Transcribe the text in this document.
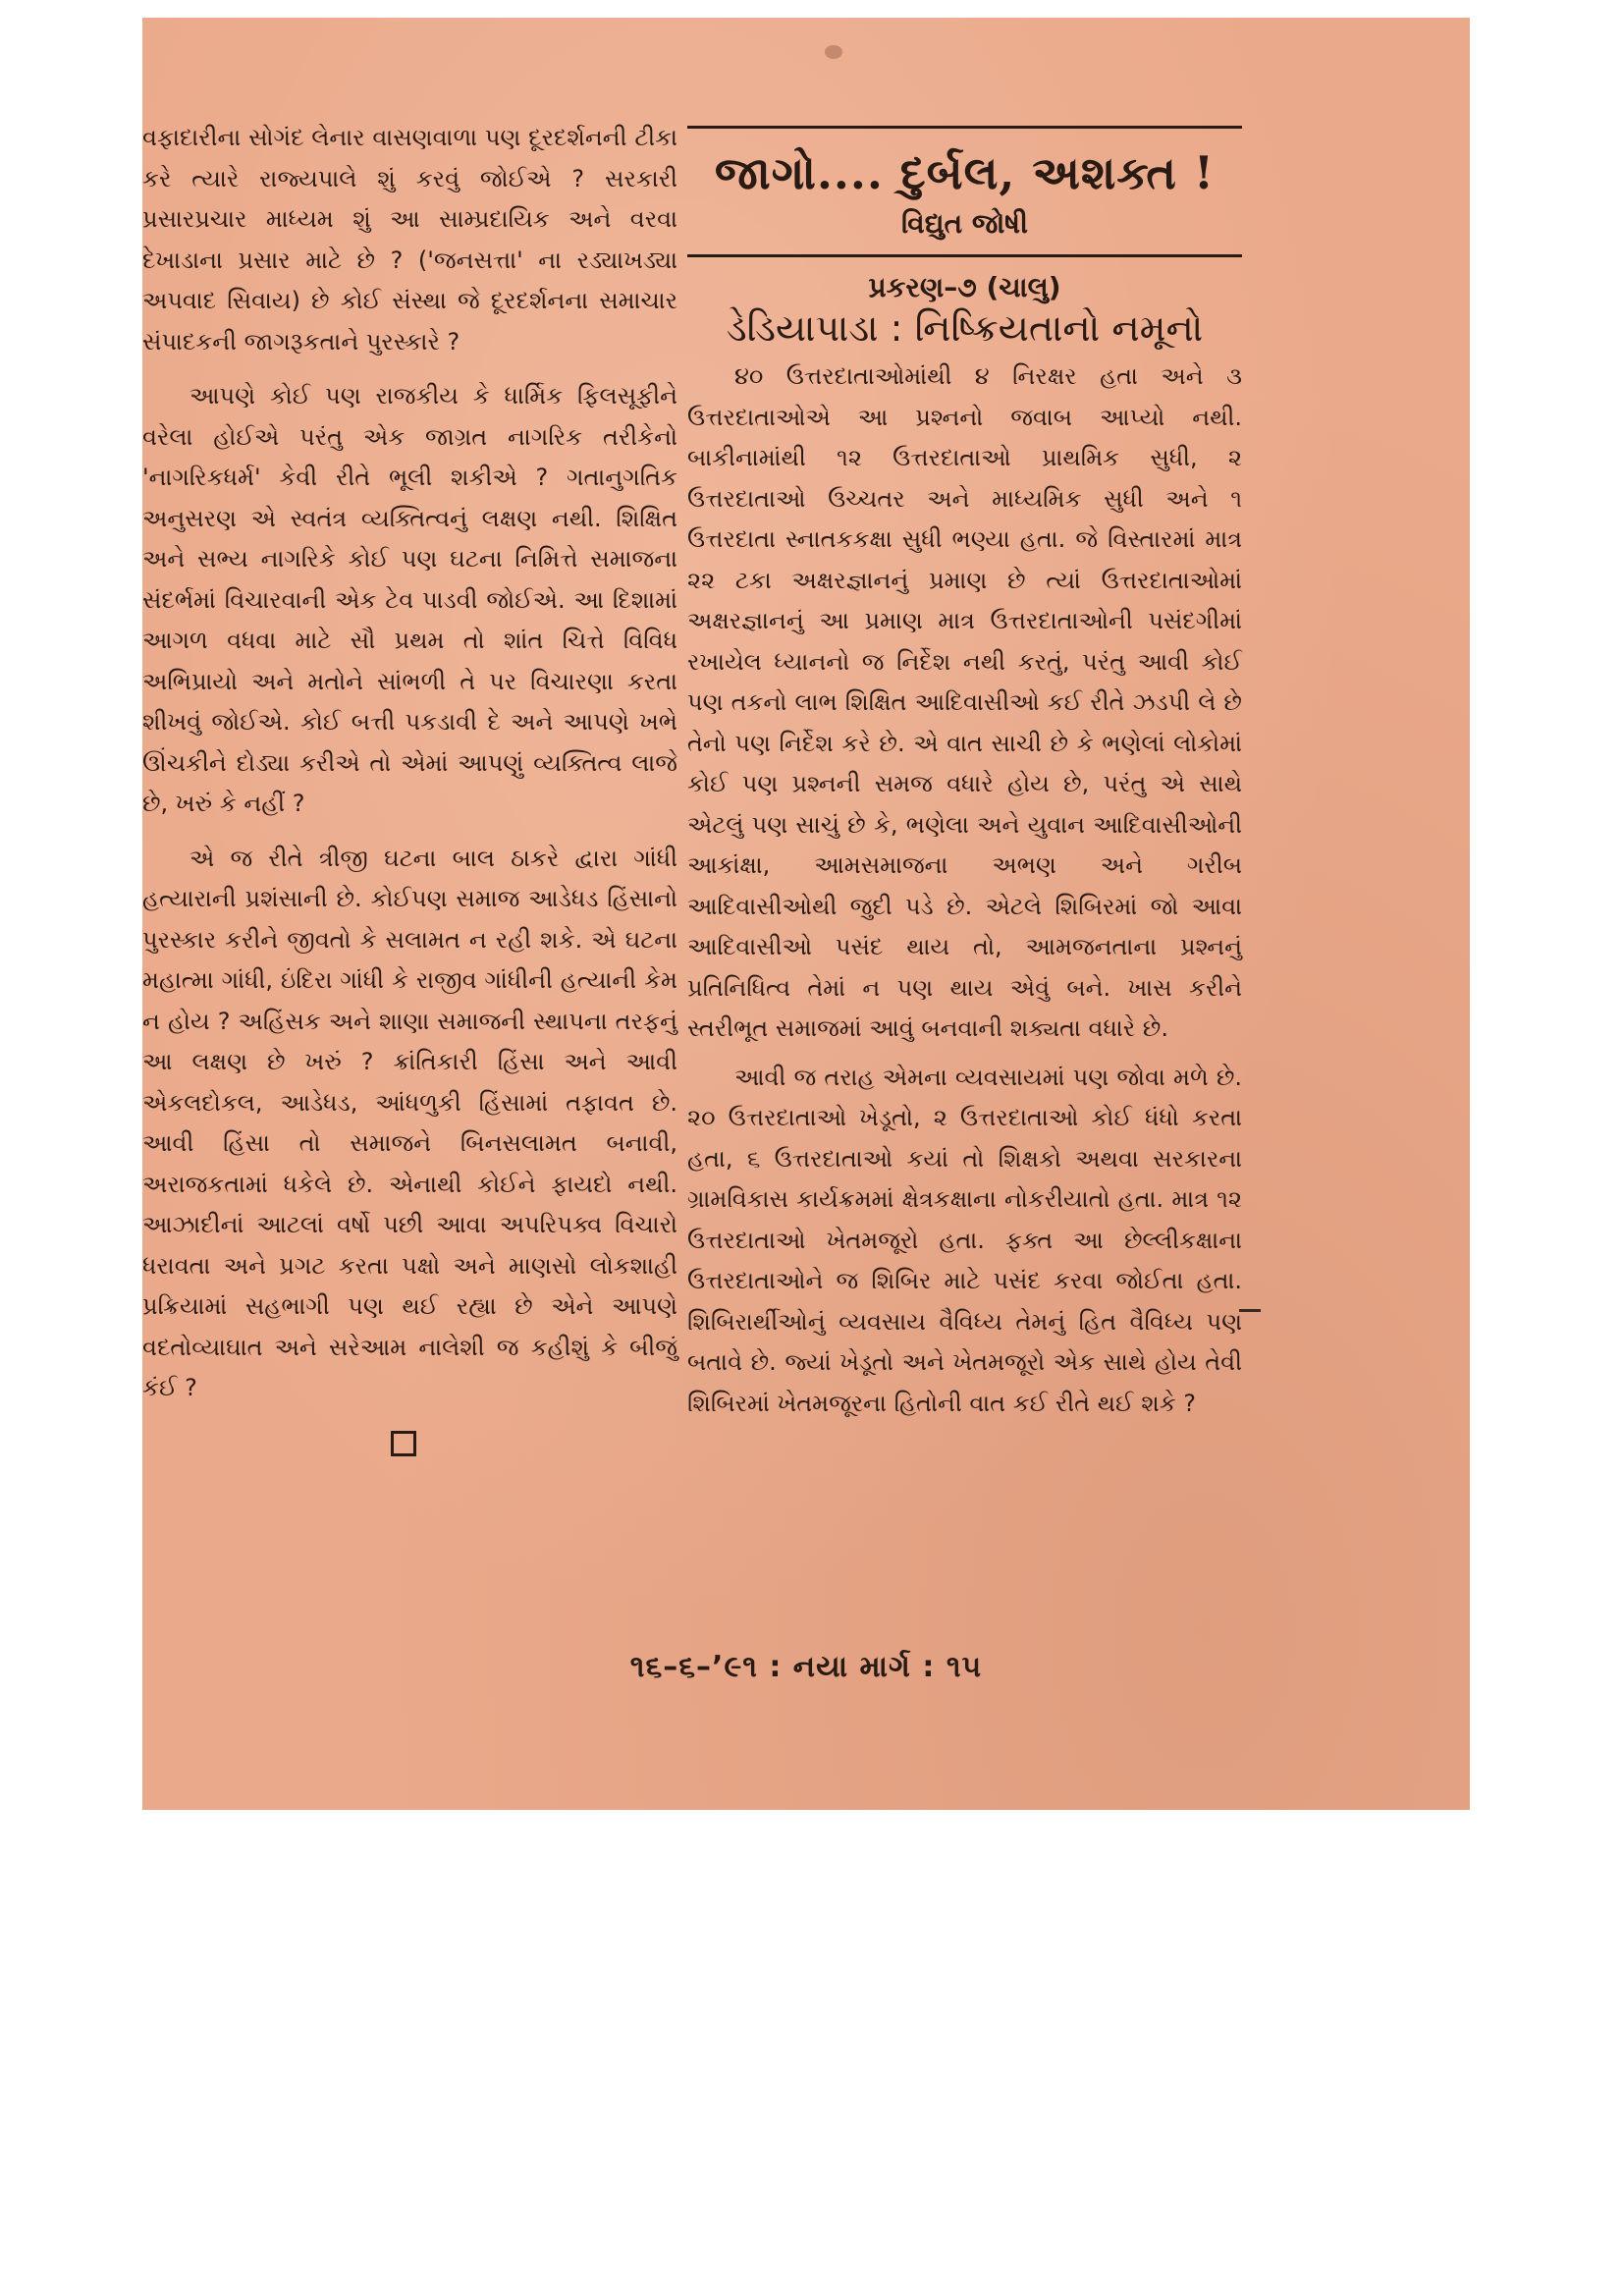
વફાદારીના સોગંદ લેનાર વાસણવાળા પણ દૂરદર્શનની ટીકા કરે ત્યારે રાજ્યપાલે શું કરવું જોઈએ ? સરકારી પ્રસારપ્રચાર માધ્યમ શું આ સામ્પ્રદાયિક અને વરવા દેખાડાના પ્રસાર માટે છે ? ('જનસત્તા' ના રડ્યાખડ્યા અપવાદ સિવાય) છે કોઈ સંસ્થા જે દૂરદર્શનના સમાચાર સંપાદકની જાગરૂકતાને પુરસ્કારે ?

આપણે કોઈ પણ રાજકીય કે ધાર્મિક ફિલસૂફીને વરેલા હોઈએ પરંતુ એક જાગ્રત નાગરિક તરીકેનો 'નાગરિકધર્મ' કેવી રીતે ભૂલી શકીએ ? ગતાનુગતિક અનુસરણ એ સ્વતંત્ર વ્યક્તિત્વનું લક્ષણ નથી. શિક્ષિત અને સભ્ય નાગરિકે કોઈ પણ ઘટના નિમિત્તે સમાજના સંદર્ભમાં વિચારવાની એક ટેવ પાડવી જોઈએ. આ દિશામાં આગળ વધવા માટે સૌ પ્રથમ તો શાંત ચિત્તે વિવિધ અભિપ્રાયો અને મતોને સાંભળી તે પર વિચારણા કરતા શીખવું જોઈએ. કોઈ બત્તી પકડાવી દે અને આપણે ખભે ઊંચકીને દોડ્યા કરીએ તો એમાં આપણું વ્યક્તિત્વ લાજે છે, ખરું કે નહીં ?

એ જ રીતે ત્રીજી ઘટના બાલ ઠાકરે દ્વારા ગાંધી હત્યારાની પ્રશંસાની છે. કોઈપણ સમાજ આડેધડ હિંસાનો પુરસ્કાર કરીને જીવતો કે સલામત ન રહી શકે. એ ઘટના મહાત્મા ગાંધી, ઇંદિરા ગાંધી કે રાજીવ ગાંધીની હત્યાની કેમ ન હોય ? અહિંસક અને શાણા સમાજની સ્થાપના તરફનું આ લક્ષણ છે ખરું ? ક્રાંતિકારી હિંસા અને આવી એકલદોકલ, આડેધડ, આંધળુકી હિંસામાં તફાવત છે. આવી હિંસા તો સમાજને બિનસલામત બનાવી, અરાજકતામાં ધકેલે છે. એનાથી કોઈને ફાયદો નથી. આઝાદીનાં આટલાં વર્ષો પછી આવા અપરિપક્વ વિચારો ધરાવતા અને પ્રગટ કરતા પક્ષો અને માણસો લોકશાહી પ્રક્રિયામાં સહભાગી પણ થઈ રહ્યા છે એને આપણે વદતોવ્યાઘાત અને સરેઆમ નાલેશી જ કહીશું કે બીજું કંઈ ?

જાગો.... દુર્બલ, અશક્ત !
વિદ્યુત જોષી
પ્રકરણ–૭ (ચાલુ)
ડેડિયાપાડા : નિષ્ક્રિયતાનો નમૂનો

૪૦ ઉત્તરદાતાઓમાંથી ૪ નિરક્ષર હતા અને ૩ ઉત્તરદાતાઓએ આ પ્રશ્નનો જવાબ આપ્યો નથી. બાકીનામાંથી ૧૨ ઉત્તરદાતાઓ પ્રાથમિક સુધી, ૨ ઉત્તરદાતાઓ ઉચ્ચતર અને માધ્યમિક સુધી અને ૧ ઉત્તરદાતા સ્નાતકકક્ષા સુધી ભણ્યા હતા. જે વિસ્તારમાં માત્ર ૨૨ ટકા અક્ષરજ્ઞાનનું પ્રમાણ છે ત્યાં ઉત્તરદાતાઓમાં અક્ષરજ્ઞાનનું આ પ્રમાણ માત્ર ઉત્તરદાતાઓની પસંદગીમાં રખાયેલ ધ્યાનનો જ નિર્દેશ નથી કરતું, પરંતુ આવી કોઈ પણ તકનો લાભ શિક્ષિત આદિવાસીઓ કઈ રીતે ઝડપી લે છે તેનો પણ નિર્દેશ કરે છે. એ વાત સાચી છે કે ભણેલાં લોકોમાં કોઈ પણ પ્રશ્નની સમજ વધારે હોય છે, પરંતુ એ સાથે એટલું પણ સાચું છે કે, ભણેલા અને યુવાન આદિવાસીઓની આકાંક્ષા, આમસમાજના અભણ અને ગરીબ આદિવાસીઓથી જુદી પડે છે. એટલે શિબિરમાં જો આવા આદિવાસીઓ પસંદ થાય તો, આમજનતાના પ્રશ્નનું પ્રતિનિધિત્વ તેમાં ન પણ થાય એવું બને. ખાસ કરીને સ્તરીભૂત સમાજમાં આવું બનવાની શક્યતા વધારે છે.

આવી જ તરાહ એમના વ્યવસાયમાં પણ જોવા મળે છે. ૨૦ ઉત્તરદાતાઓ ખેડૂતો, ૨ ઉત્તરદાતાઓ કોઈ ધંધો કરતા હતા, ૬ ઉત્તરદાતાઓ કયાં તો શિક્ષકો અથવા સરકારના ગ્રામવિકાસ કાર્યક્રમમાં ક્ષેત્રકક્ષાના નોકરીયાતો હતા. માત્ર ૧૨ ઉત્તરદાતાઓ ખેતમજૂરો હતા. ફક્ત આ છેલ્લીકક્ષાના ઉત્તરદાતાઓને જ શિબિર માટે પસંદ કરવા જોઈતા હતા. શિબિરાર્થીઓનું વ્યવસાય વૈવિધ્ય તેમનું હિત વૈવિધ્ય પણ બતાવે છે. જ્યાં ખેડૂતો અને ખેતમજૂરો એક સાથે હોય તેવી શિબિરમાં ખેતમજૂરના હિતોની વાત કઈ રીતે થઈ શકે ?

૧૬–૬–’૯૧ : નયા માર્ગ : ૧૫
